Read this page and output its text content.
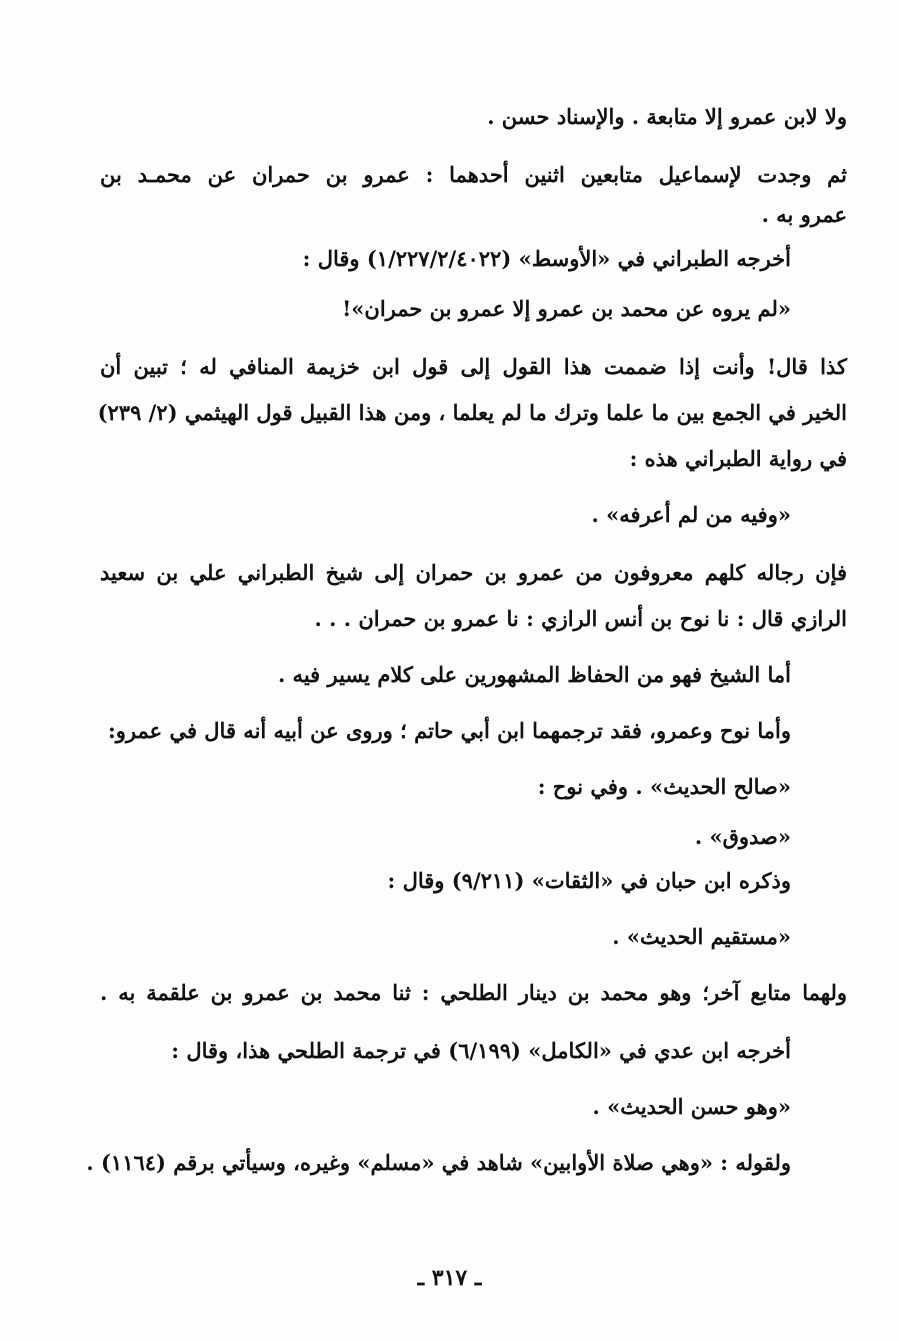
ولا لابن عمرو إلا متابعة . والإسناد حسن .
ثم وجدت لإسماعيل متابعين اثنين أحدهما : عمرو بن حمران عن محمـد بن
عمرو به .
أخرجه الطبراني في «الأوسط» (١/٢٢٧/٢/٤٠٢٢) وقال :
«لم يروه عن محمد بن عمرو إلا عمرو بن حمران»!
كذا قال! وأنت إذا ضممت هذا القول إلى قول ابن خزيمة المنافي له ؛ تبين أن
الخير في الجمع بين ما علما وترك ما لم يعلما ، ومن هذا القبيل قول الهيثمي (٢/ ٢٣٩)
في رواية الطبراني هذه :
«وفيه من لم أعرفه» .
فإن رجاله كلهم معروفون من عمرو بن حمران إلى شيخ الطبراني علي بن سعيد
الرازي قال : نا نوح بن أنس الرازي : نا عمرو بن حمران . . .
أما الشيخ فهو من الحفاظ المشهورين على كلام يسير فيه .
وأما نوح وعمرو، فقد ترجمهما ابن أبي حاتم ؛ وروى عن أبيه أنه قال في عمرو:
«صالح الحديث» . وفي نوح :
«صدوق» .
وذكره ابن حبان في «الثقات» (٩/٢١١) وقال :
«مستقيم الحديث» .
ولهما متابع آخر؛ وهو محمد بن دينار الطلحي : ثنا محمد بن عمرو بن علقمة به .
أخرجه ابن عدي في «الكامل» (٦/١٩٩) في ترجمة الطلحي هذا، وقال :
«وهو حسن الحديث» .
ولقوله : «وهي صلاة الأوابين» شاهد في «مسلم» وغيره، وسيأتي برقم (١١٦٤) .
ـ ٣١٧ ـ
